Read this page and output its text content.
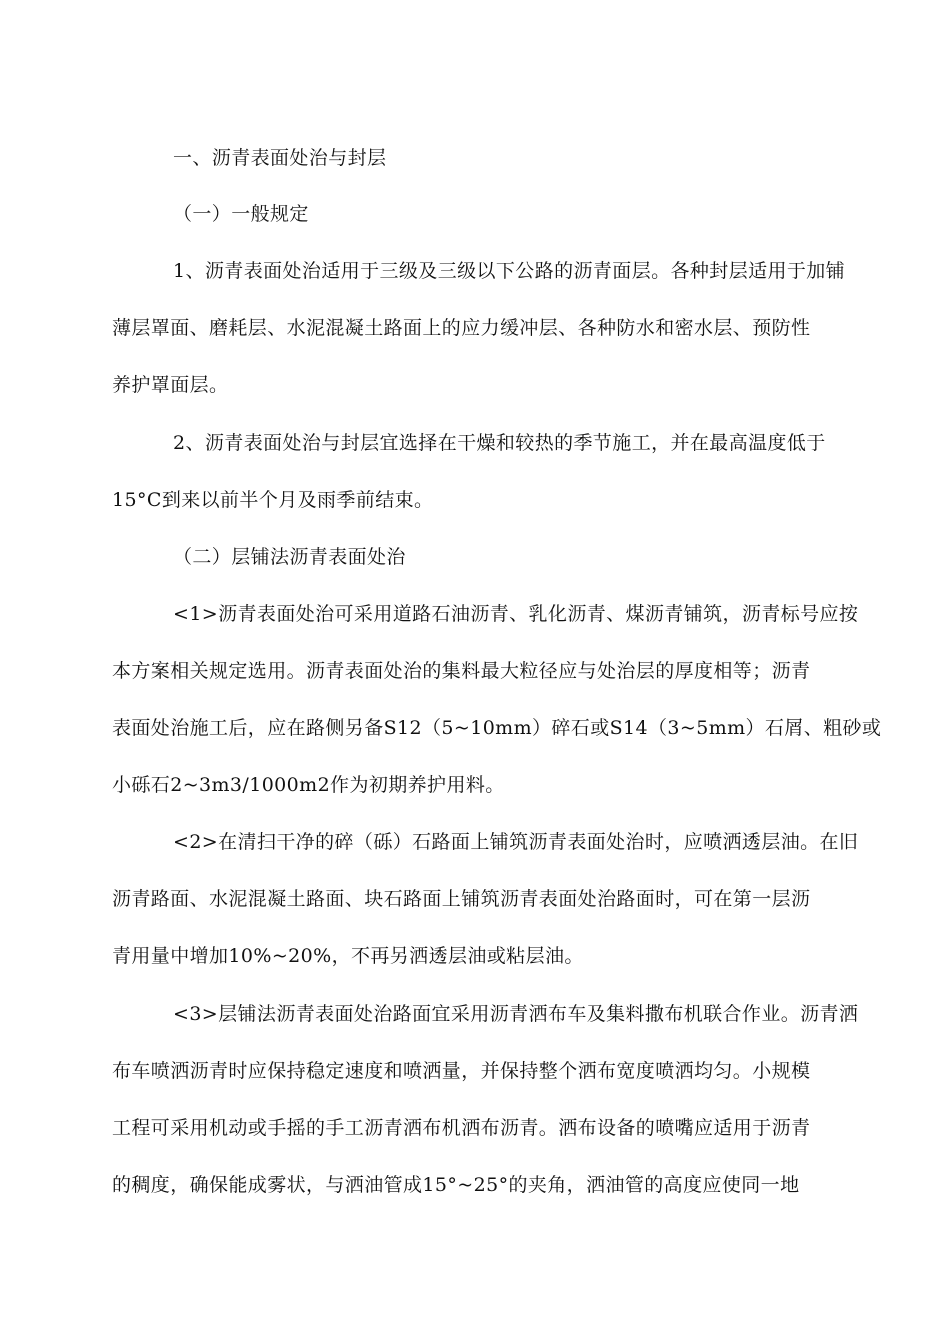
一、沥青表面处治与封层
（一）一般规定
1、沥青表面处治适用于三级及三级以下公路的沥青面层。各种封层适用于加铺
薄层罩面、磨耗层、水泥混凝土路面上的应力缓冲层、各种防水和密水层、预防性
养护罩面层。
2、沥青表面处治与封层宜选择在干燥和较热的季节施工，并在最高温度低于
15°C到来以前半个月及雨季前结束。
（二）层铺法沥青表面处治
<1>沥青表面处治可采用道路石油沥青、乳化沥青、煤沥青铺筑，沥青标号应按
本方案相关规定选用。沥青表面处治的集料最大粒径应与处治层的厚度相等；沥青
表面处治施工后，应在路侧另备S12（5~10mm）碎石或S14（3~5mm）石屑、粗砂或
小砾石2~3m3/1000m2作为初期养护用料。
<2>在清扫干净的碎（砾）石路面上铺筑沥青表面处治时，应喷洒透层油。在旧
沥青路面、水泥混凝土路面、块石路面上铺筑沥青表面处治路面时，可在第一层沥
青用量中增加10%~20%，不再另洒透层油或粘层油。
<3>层铺法沥青表面处治路面宜采用沥青洒布车及集料撒布机联合作业。沥青洒
布车喷洒沥青时应保持稳定速度和喷洒量，并保持整个洒布宽度喷洒均匀。小规模
工程可采用机动或手摇的手工沥青洒布机洒布沥青。洒布设备的喷嘴应适用于沥青
的稠度，确保能成雾状，与洒油管成15°~25°的夹角，洒油管的高度应使同一地
